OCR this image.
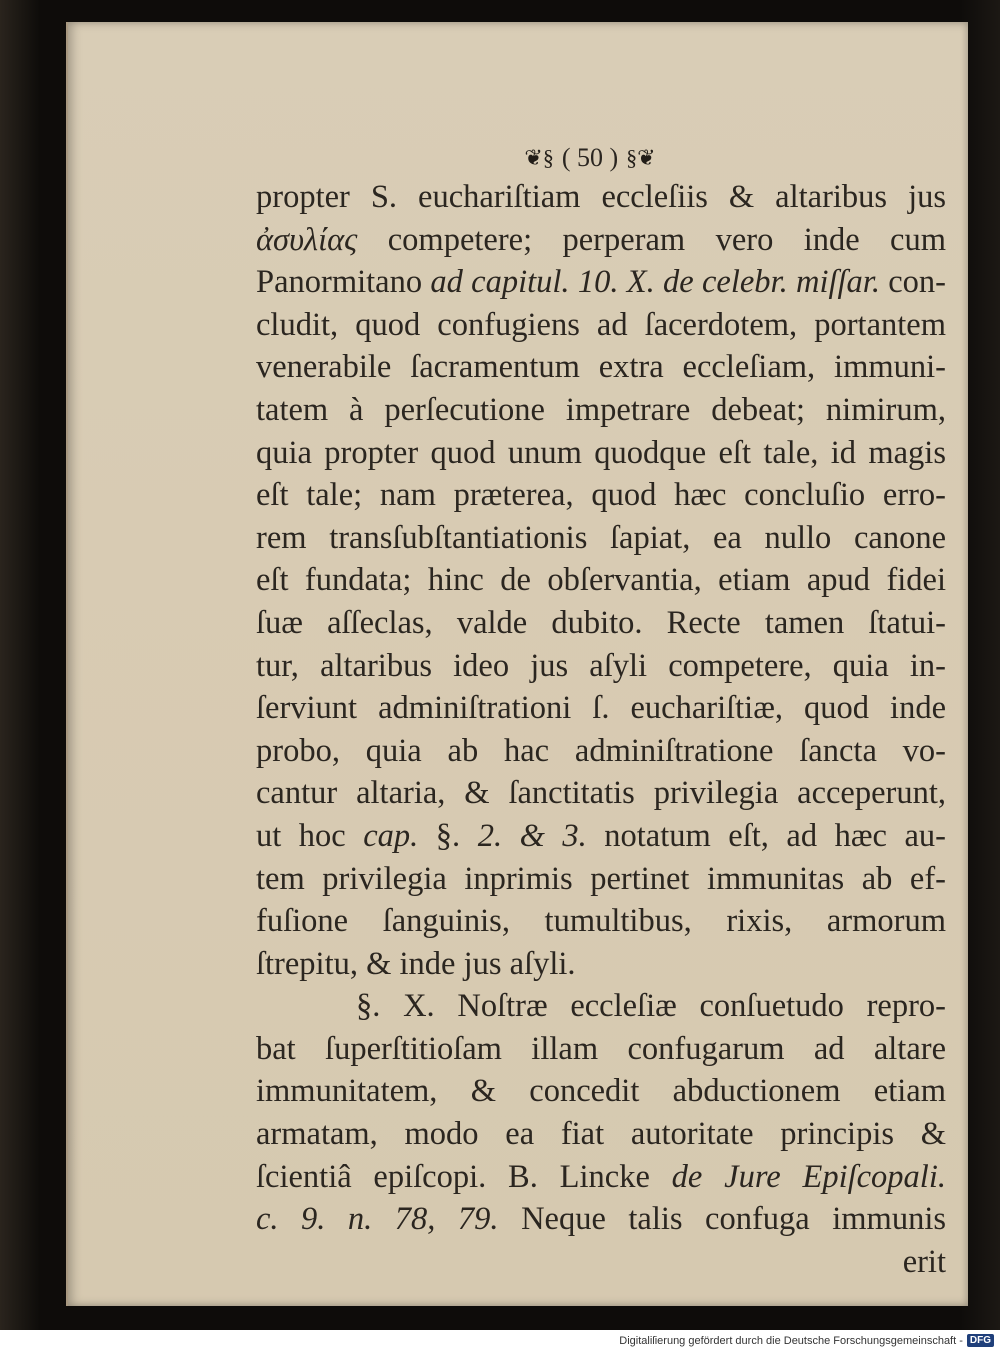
❦§ ( 50 ) §❦
propter S. euchariſtiam eccleſiis & altaribus jus
ἀσυλίας competere; perperam vero inde cum
Panormitano ad capitul. 10. X. de celebr. miſſar. con-
cludit, quod confugiens ad ſacerdotem, portantem
venerabile ſacramentum extra eccleſiam, immuni-
tatem à perſecutione impetrare debeat; nimirum,
quia propter quod unum quodque eſt tale, id magis
eſt tale; nam præterea, quod hæc concluſio erro-
rem transſubſtantiationis ſapiat, ea nullo canone
eſt fundata; hinc de obſervantia, etiam apud fidei
ſuæ aſſeclas, valde dubito. Recte tamen ſtatui-
tur, altaribus ideo jus aſyli competere, quia in-
ſerviunt adminiſtrationi ſ. euchariſtiæ, quod inde
probo, quia ab hac adminiſtratione ſancta vo-
cantur altaria, & ſanctitatis privilegia acceperunt,
ut hoc cap. §. 2. & 3. notatum eſt, ad hæc au-
tem privilegia inprimis pertinet immunitas ab ef-
fuſione ſanguinis, tumultibus, rixis, armorum
ſtrepitu, & inde jus aſyli.
§. X. Noſtræ eccleſiæ conſuetudo repro-
bat ſuperſtitioſam illam confugarum ad altare
immunitatem, & concedit abductionem etiam
armatam, modo ea fiat autoritate principis &
ſcientiâ epiſcopi. B. Lincke de Jure Epiſcopali.
c. 9. n. 78, 79. Neque talis confuga immunis
erit
Digitaliſierung gefördert durch die Deutsche Forschungsgemeinschaft - DFG
